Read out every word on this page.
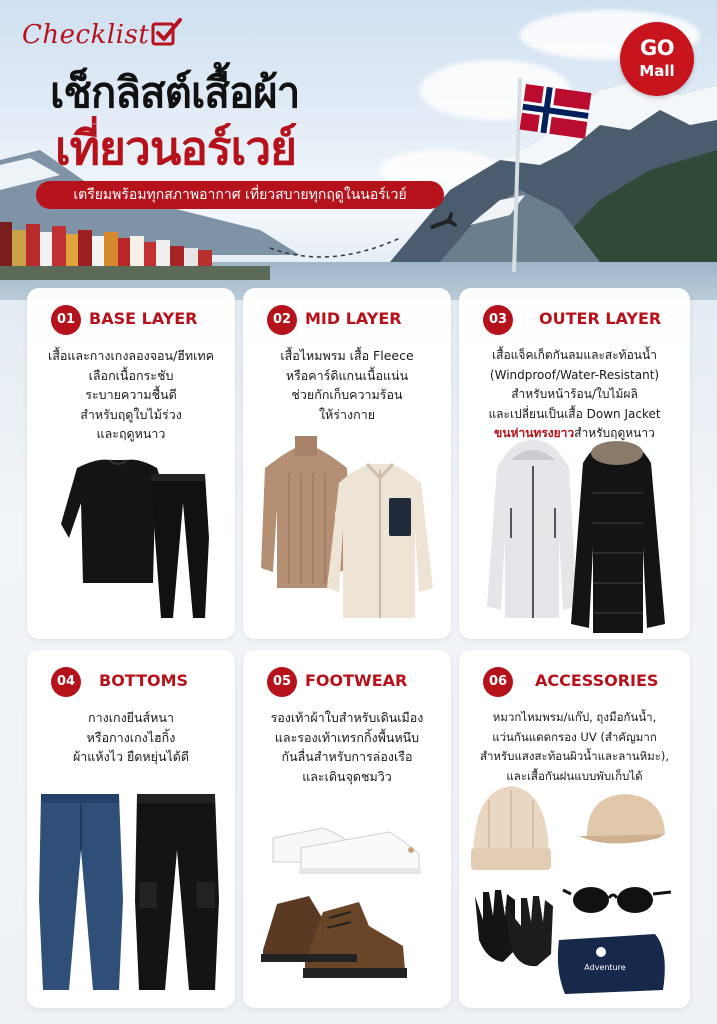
Checklist
เช็กลิสต์เสื้อผ้า
เที่ยวนอร์เวย์
เตรียมพร้อมทุกสภาพอากาศ เที่ยวสบายทุกฤดูในนอร์เวย์
GO
Mall
01 BASE LAYER
เสื้อและกางเกงลองจอน/ฮีทเทค
เลือกเนื้อกระชับ
ระบายความชื้นดี
สำหรับฤดูใบไม้ร่วง
และฤดูหนาว
02 MID LAYER
เสื้อไหมพรม เสื้อ Fleece
หรือคาร์ดิแกนเนื้อแน่น
ช่วยกักเก็บความร้อน
ให้ร่างกาย
03	OUTER LAYER
เสื้อแจ็คเก็ตกันลมและสะท้อนน้ำ
(Windproof/Water-Resistant)
สำหรับหน้าร้อน/ใบไม้ผลิ
และเปลี่ยนเป็นเสื้อ Down Jacket
ขนห่านทรงยาวสำหรับฤดูหนาว
04	BOTTOMS
กางเกงยีนส์หนา
หรือกางเกงไฮกิ้ง
ผ้าแห้งไว ยืดหยุ่นได้ดี
05 FOOTWEAR
รองเท้าผ้าใบสำหรับเดินเมือง
และรองเท้าเทรกกิ้งพื้นหนึบ
กันลื่นสำหรับการล่องเรือ
และเดินจุดชมวิว
06	ACCESSORIES
หมวกไหมพรม/แก๊ป, ถุงมือกันน้ำ,
แว่นกันแดดกรอง UV (สำคัญมาก
สำหรับแสงสะท้อนผิวน้ำและลานหิมะ),
และเสื้อกันฝนแบบพับเก็บได้
Adventure
